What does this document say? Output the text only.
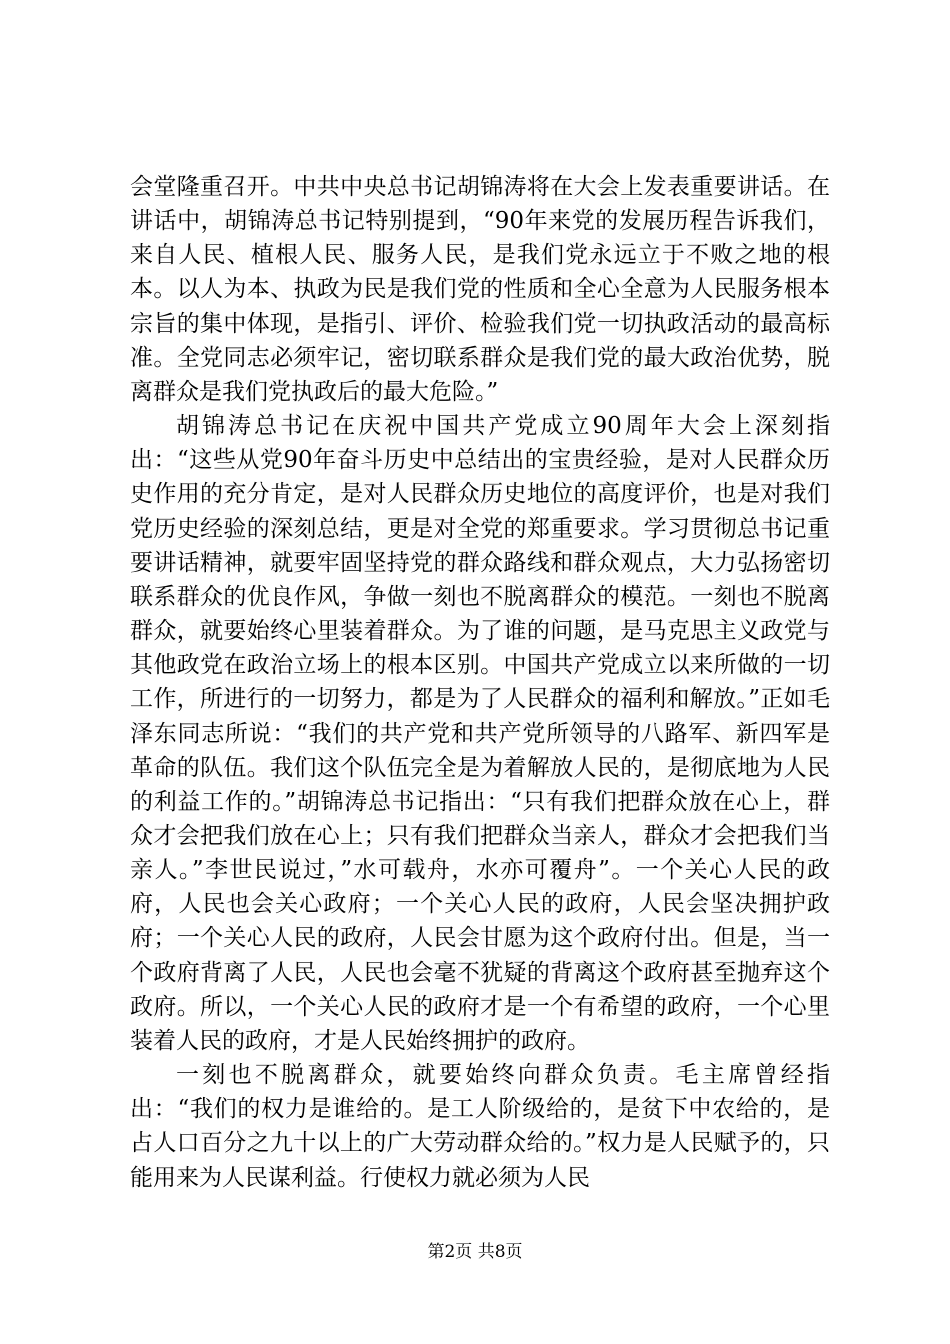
会堂隆重召开。中共中央总书记胡锦涛将在大会上发表重要讲话。在讲话中，胡锦涛总书记特别提到，“90年来党的发展历程告诉我们，来自人民、植根人民、服务人民，是我们党永远立于不败之地的根本。以人为本、执政为民是我们党的性质和全心全意为人民服务根本宗旨的集中体现，是指引、评价、检验我们党一切执政活动的最高标准。全党同志必须牢记，密切联系群众是我们党的最大政治优势，脱离群众是我们党执政后的最大危险。”

胡锦涛总书记在庆祝中国共产党成立90周年大会上深刻指出：“这些从党90年奋斗历史中总结出的宝贵经验，是对人民群众历史作用的充分肯定，是对人民群众历史地位的高度评价，也是对我们党历史经验的深刻总结，更是对全党的郑重要求。学习贯彻总书记重要讲话精神，就要牢固坚持党的群众路线和群众观点，大力弘扬密切联系群众的优良作风，争做一刻也不脱离群众的模范。一刻也不脱离群众，就要始终心里装着群众。为了谁的问题，是马克思主义政党与其他政党在政治立场上的根本区别。中国共产党成立以来所做的一切工作，所进行的一切努力，都是为了人民群众的福利和解放。”正如毛泽东同志所说：“我们的共产党和共产党所领导的八路军、新四军是革命的队伍。我们这个队伍完全是为着解放人民的，是彻底地为人民的利益工作的。”胡锦涛总书记指出：“只有我们把群众放在心上，群众才会把我们放在心上；只有我们把群众当亲人，群众才会把我们当亲人。”李世民说过，”水可载舟，水亦可覆舟”。一个关心人民的政府，人民也会关心政府；一个关心人民的政府，人民会坚决拥护政府；一个关心人民的政府，人民会甘愿为这个政府付出。但是，当一个政府背离了人民，人民也会毫不犹疑的背离这个政府甚至抛弃这个政府。所以，一个关心人民的政府才是一个有希望的政府，一个心里装着人民的政府，才是人民始终拥护的政府。

一刻也不脱离群众，就要始终向群众负责。毛主席曾经指出：“我们的权力是谁给的。是工人阶级给的，是贫下中农给的，是占人口百分之九十以上的广大劳动群众给的。”权力是人民赋予的，只能用来为人民谋利益。行使权力就必须为人民

第2页 共8页
